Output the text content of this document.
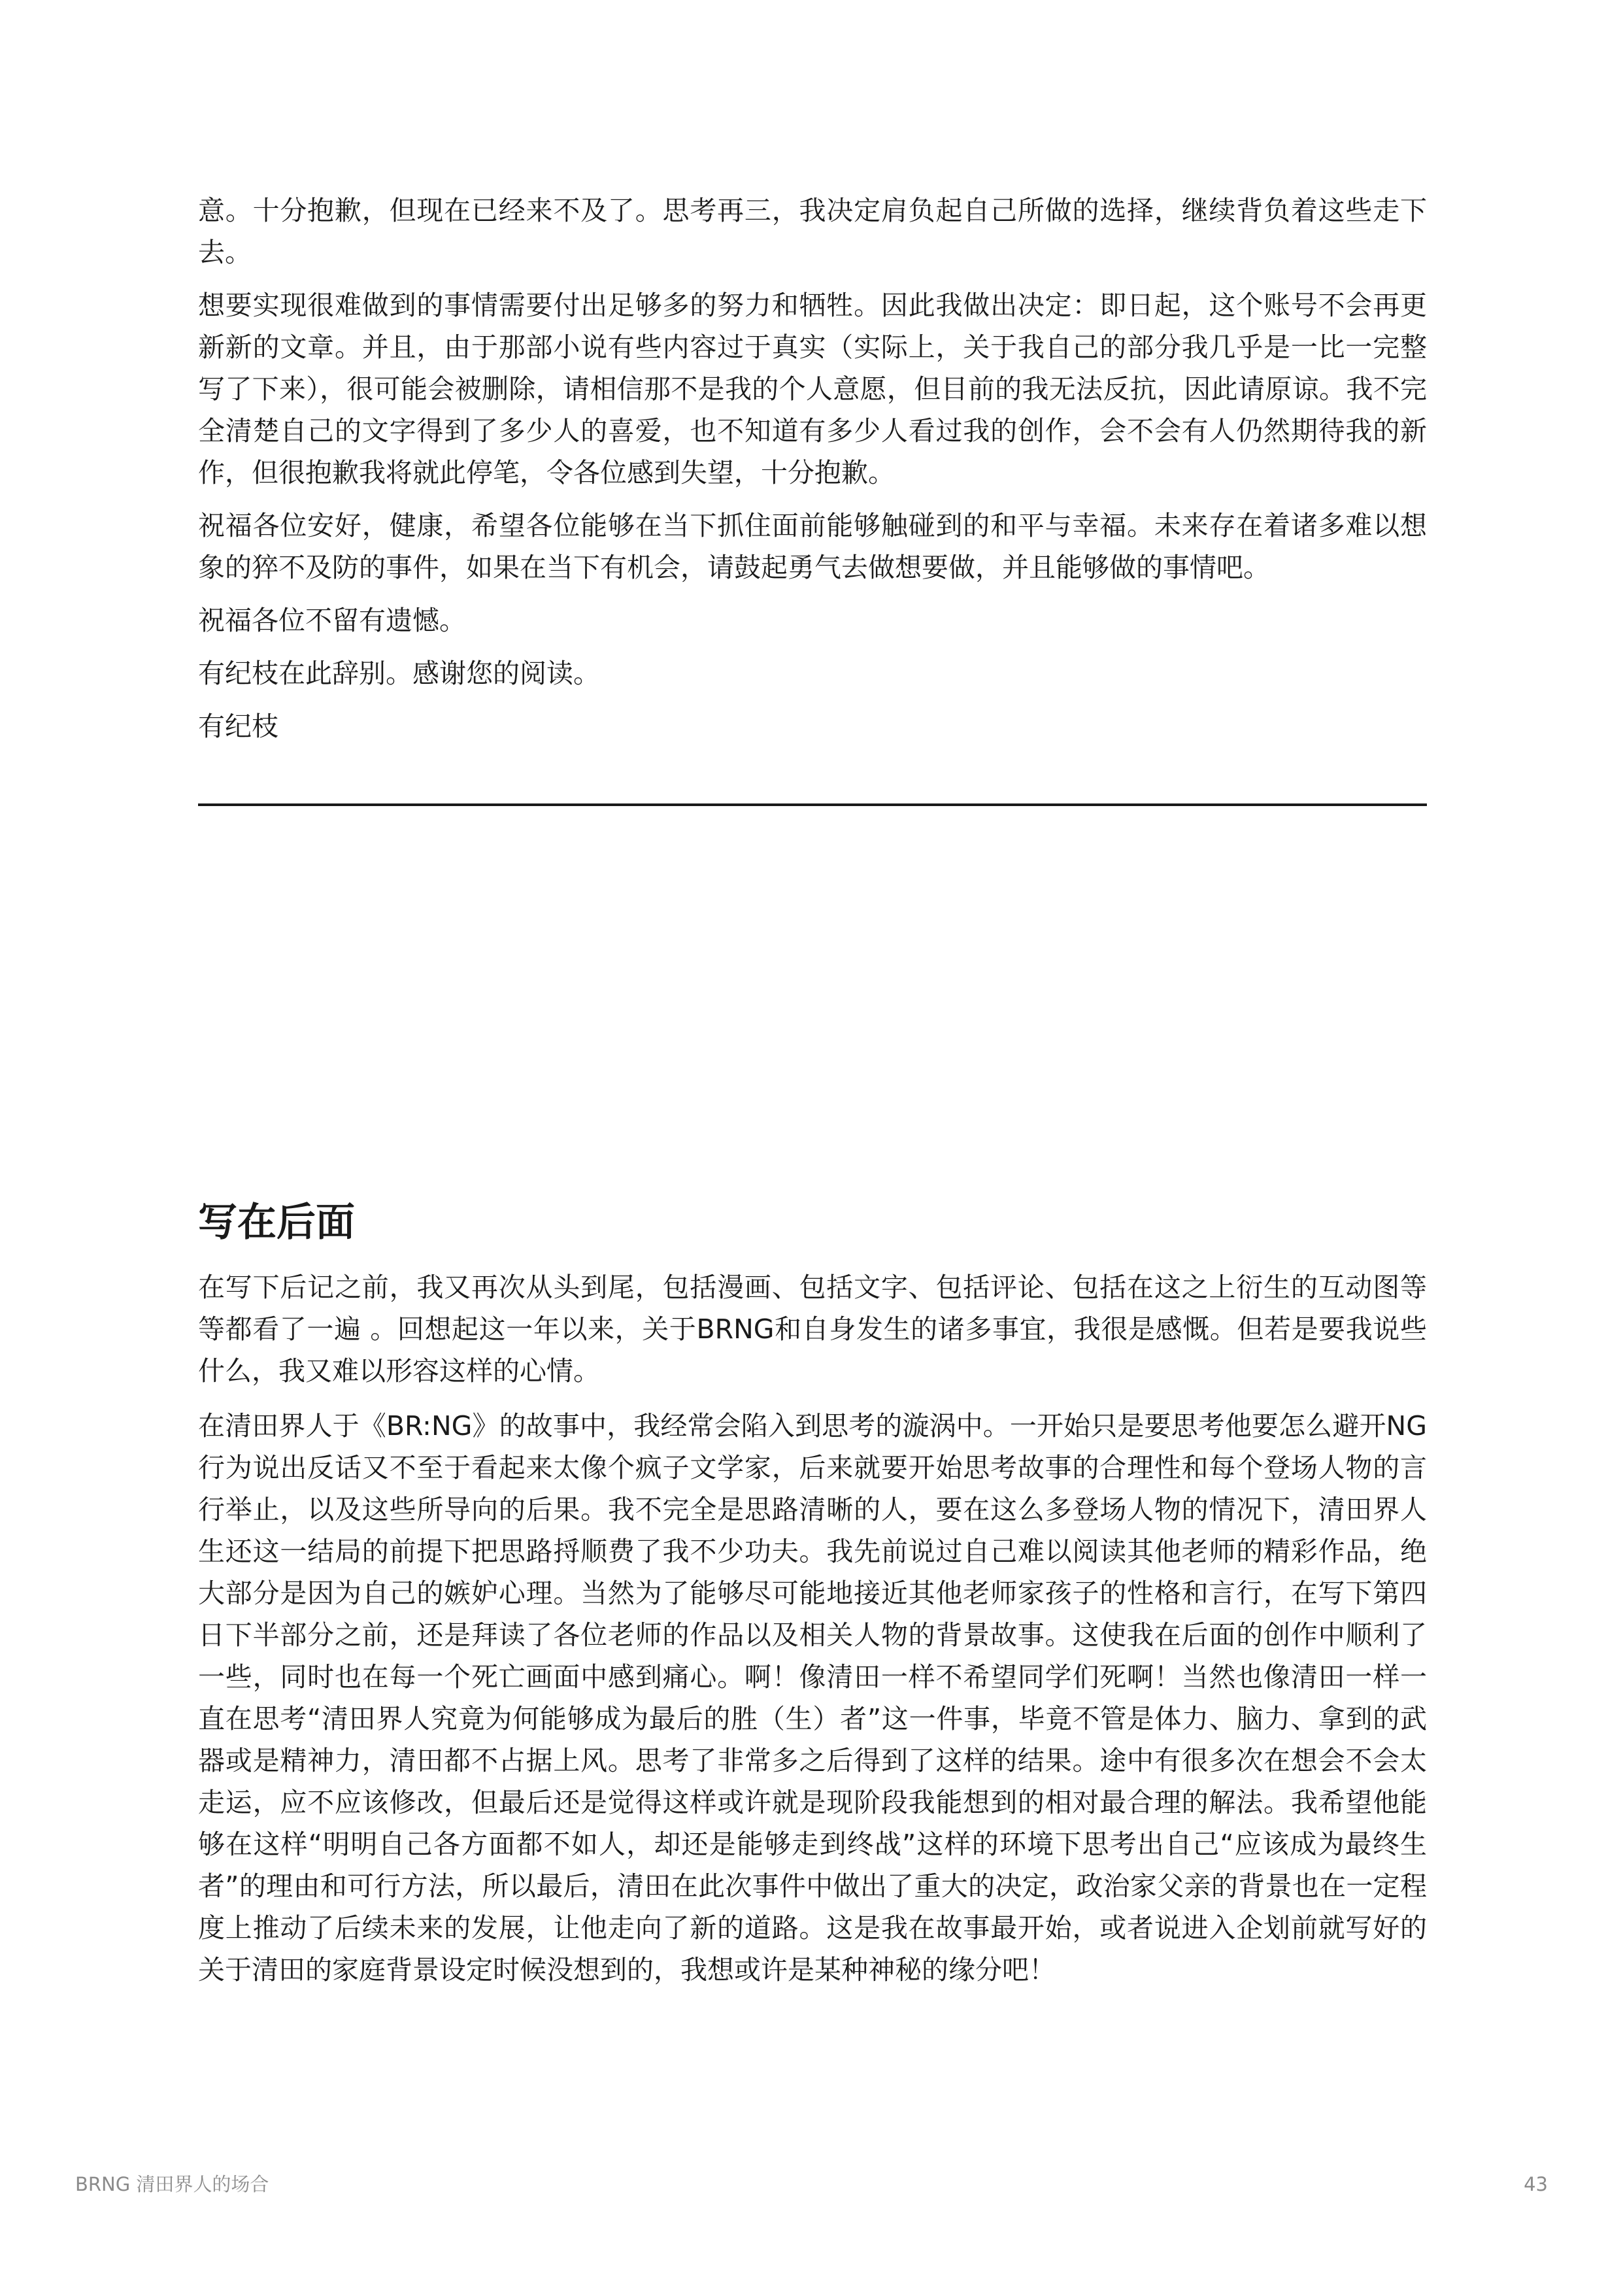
意。十分抱歉，但现在已经来不及了。思考再三，我决定肩负起自己所做的选择，继续背负着这些走下去。

想要实现很难做到的事情需要付出足够多的努力和牺牲。因此我做出决定：即日起，这个账号不会再更新新的文章。并且，由于那部小说有些内容过于真实（实际上，关于我自己的部分我几乎是一比一完整写了下来），很可能会被删除，请相信那不是我的个人意愿，但目前的我无法反抗，因此请原谅。我不完全清楚自己的文字得到了多少人的喜爱，也不知道有多少人看过我的创作，会不会有人仍然期待我的新作，但很抱歉我将就此停笔，令各位感到失望，十分抱歉。

祝福各位安好，健康，希望各位能够在当下抓住面前能够触碰到的和平与幸福。未来存在着诸多难以想象的猝不及防的事件，如果在当下有机会，请鼓起勇气去做想要做，并且能够做的事情吧。

祝福各位不留有遗憾。

有纪枝在此辞别。感谢您的阅读。

有纪枝

写在后面

在写下后记之前，我又再次从头到尾，包括漫画、包括文字、包括评论、包括在这之上衍生的互动图等等都看了一遍 。回想起这一年以来，关于BRNG和自身发生的诸多事宜，我很是感慨。但若是要我说些什么，我又难以形容这样的心情。

在清田界人于《BR:NG》的故事中，我经常会陷入到思考的漩涡中。一开始只是要思考他要怎么避开NG行为说出反话又不至于看起来太像个疯子文学家，后来就要开始思考故事的合理性和每个登场人物的言行举止，以及这些所导向的后果。我不完全是思路清晰的人，要在这么多登场人物的情况下，清田界人生还这一结局的前提下把思路捋顺费了我不少功夫。我先前说过自己难以阅读其他老师的精彩作品，绝大部分是因为自己的嫉妒心理。当然为了能够尽可能地接近其他老师家孩子的性格和言行，在写下第四日下半部分之前，还是拜读了各位老师的作品以及相关人物的背景故事。这使我在后面的创作中顺利了一些，同时也在每一个死亡画面中感到痛心。啊！像清田一样不希望同学们死啊！当然也像清田一样一直在思考“清田界人究竟为何能够成为最后的胜（生）者”这一件事，毕竟不管是体力、脑力、拿到的武器或是精神力，清田都不占据上风。思考了非常多之后得到了这样的结果。途中有很多次在想会不会太走运，应不应该修改，但最后还是觉得这样或许就是现阶段我能想到的相对最合理的解法。我希望他能够在这样“明明自己各方面都不如人，却还是能够走到终战”这样的环境下思考出自己“应该成为最终生者”的理由和可行方法，所以最后，清田在此次事件中做出了重大的决定，政治家父亲的背景也在一定程度上推动了后续未来的发展，让他走向了新的道路。这是我在故事最开始，或者说进入企划前就写好的关于清田的家庭背景设定时候没想到的，我想或许是某种神秘的缘分吧！

BRNG 清田界人的场合	43
